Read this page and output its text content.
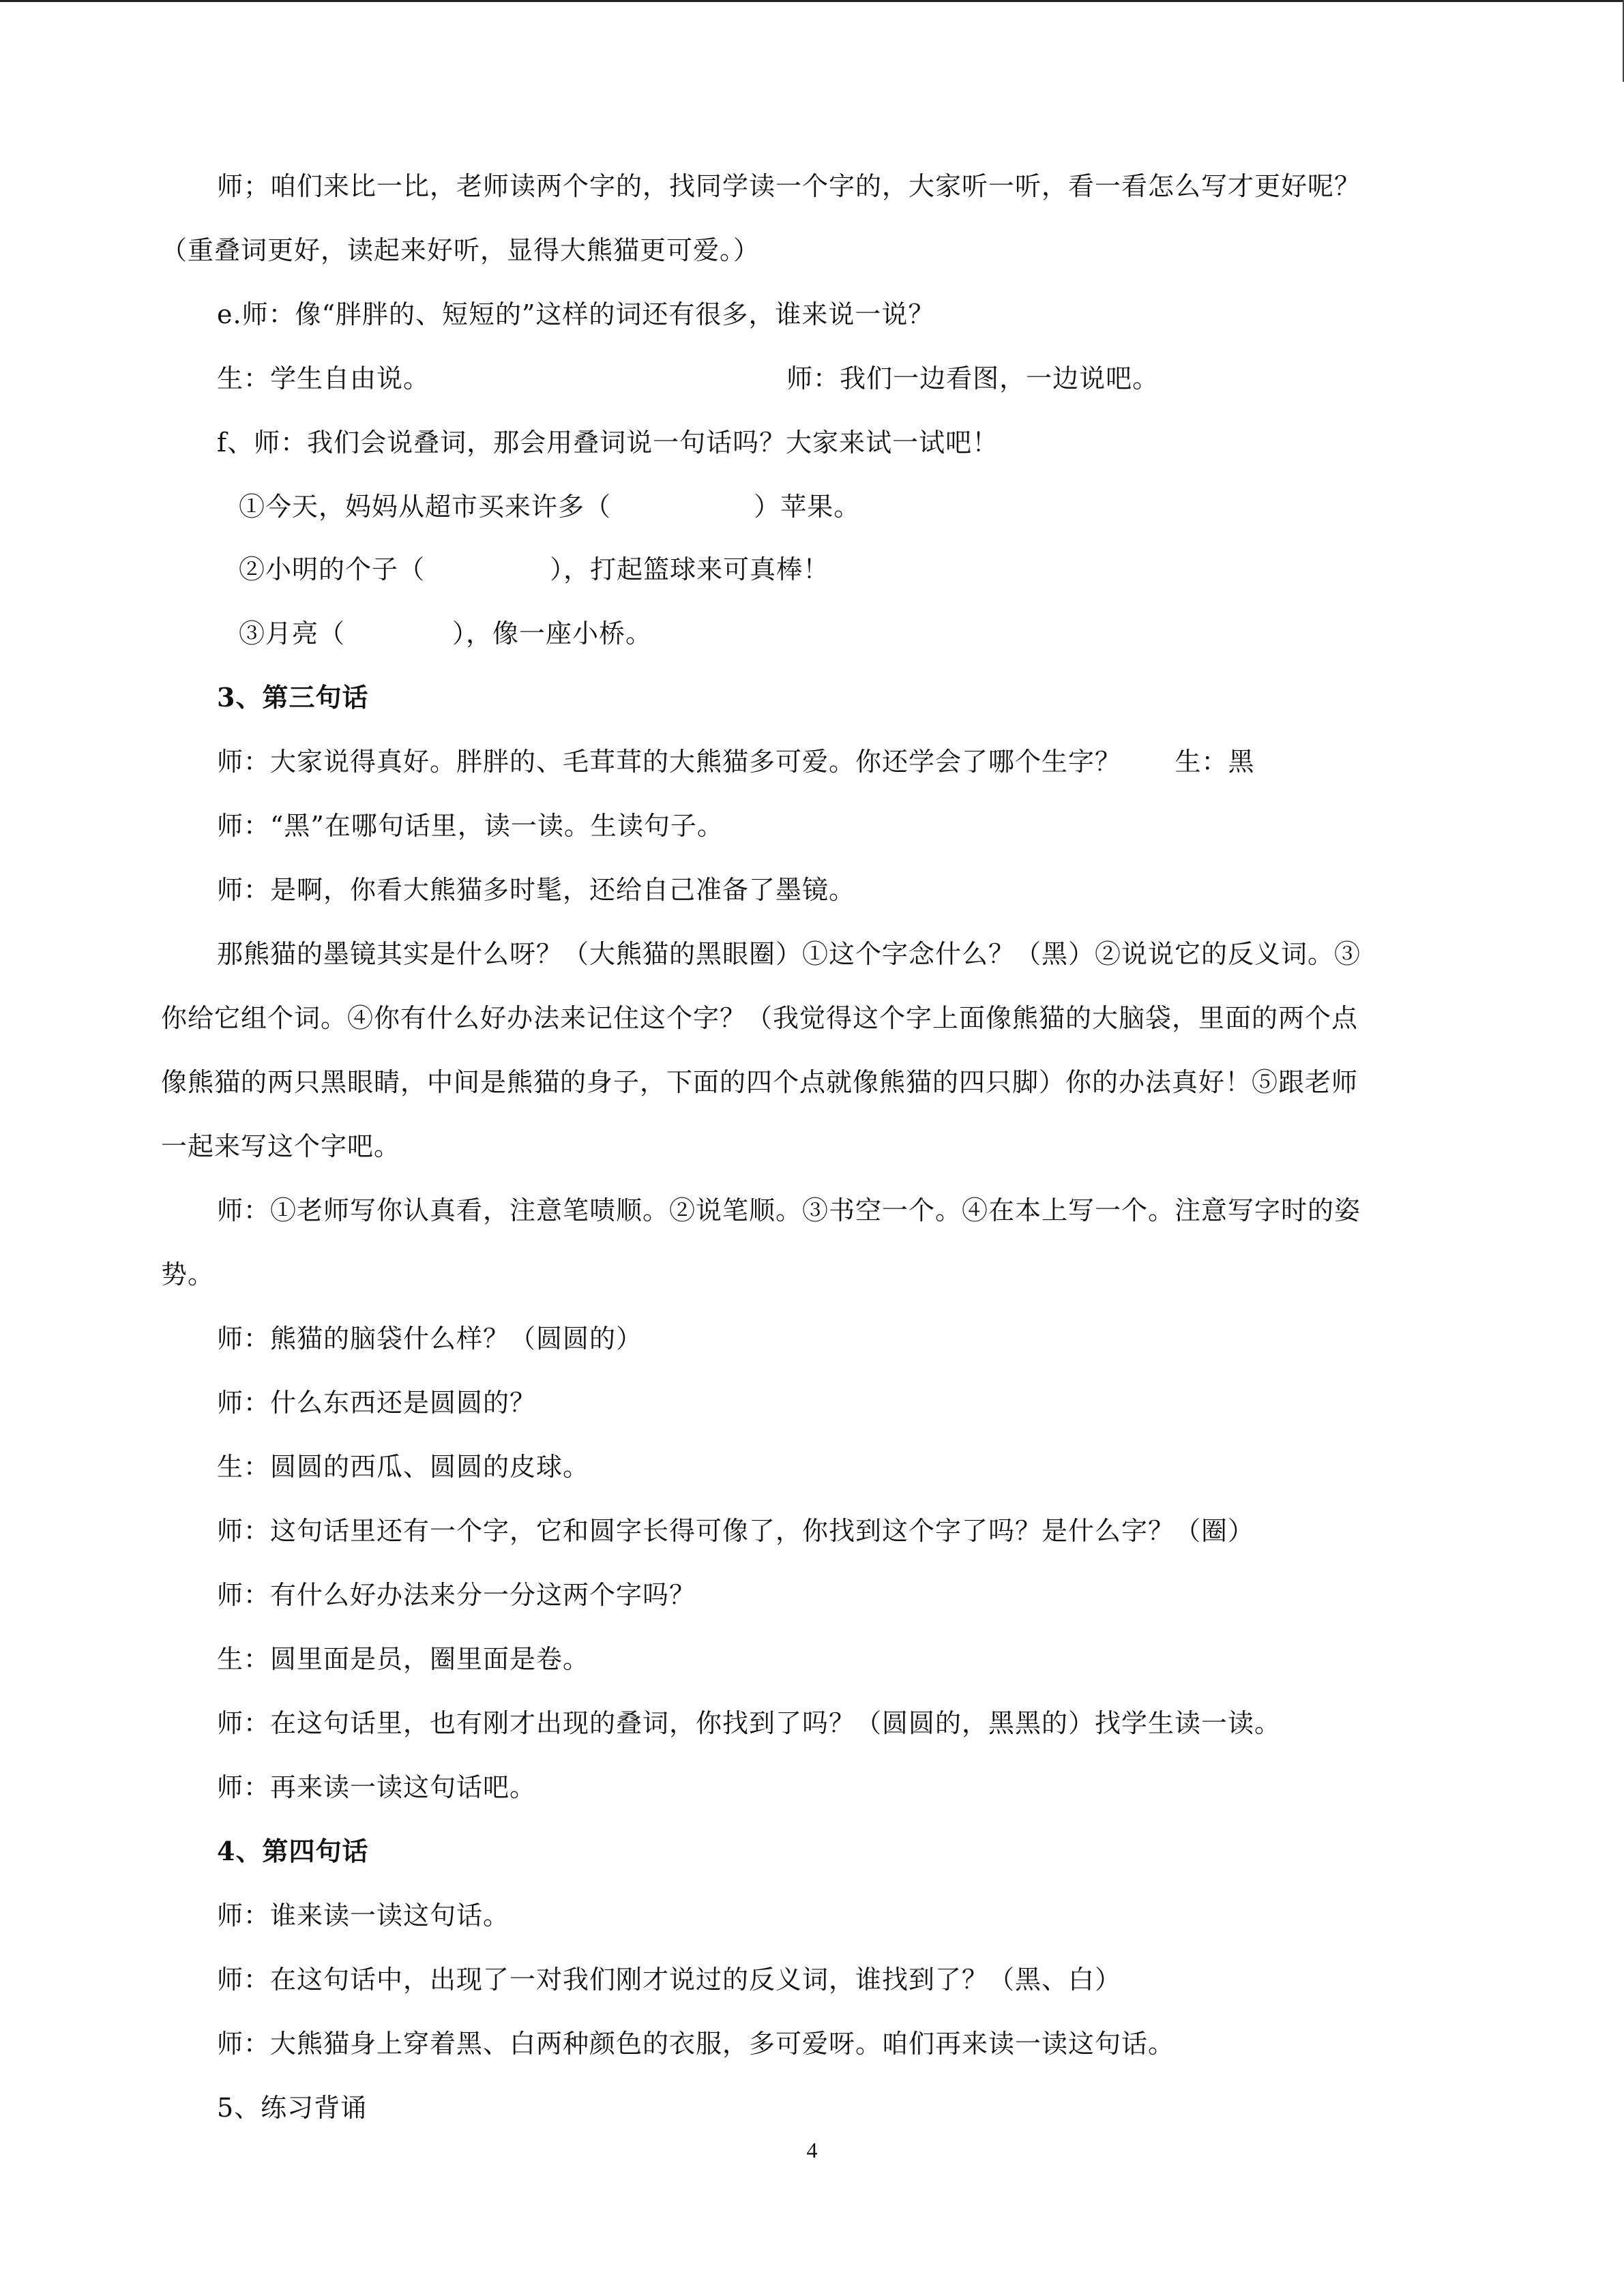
师；咱们来比一比，老师读两个字的，找同学读一个字的，大家听一听，看一看怎么写才更好呢？
（重叠词更好，读起来好听，显得大熊猫更可爱。）
e.师：像“胖胖的、短短的”这样的词还有很多，谁来说一说？
生：学生自由说。                                        师：我们一边看图，一边说吧。
f、师：我们会说叠词，那会用叠词说一句话吗？大家来试一试吧！
①今天，妈妈从超市买来许多（                ）苹果。
②小明的个子（              ），打起篮球来可真棒！
③月亮（            ），像一座小桥。
3、第三句话
师：大家说得真好。胖胖的、毛茸茸的大熊猫多可爱。你还学会了哪个生字？      生：黑
师：“黑”在哪句话里，读一读。生读句子。
师：是啊，你看大熊猫多时髦，还给自己准备了墨镜。
那熊猫的墨镜其实是什么呀？（大熊猫的黑眼圈）①这个字念什么？（黑）②说说它的反义词。③
你给它组个词。④你有什么好办法来记住这个字？（我觉得这个字上面像熊猫的大脑袋，里面的两个点
像熊猫的两只黑眼睛，中间是熊猫的身子，下面的四个点就像熊猫的四只脚）你的办法真好！⑤跟老师
一起来写这个字吧。
师：①老师写你认真看，注意笔啧顺。②说笔顺。③书空一个。④在本上写一个。注意写字时的姿
势。
师：熊猫的脑袋什么样？（圆圆的）
师：什么东西还是圆圆的？
生：圆圆的西瓜、圆圆的皮球。
师：这句话里还有一个字，它和圆字长得可像了，你找到这个字了吗？是什么字？（圈）
师：有什么好办法来分一分这两个字吗？
生：圆里面是员，圈里面是卷。
师：在这句话里，也有刚才出现的叠词，你找到了吗？（圆圆的，黑黑的）找学生读一读。
师：再来读一读这句话吧。
4、第四句话
师：谁来读一读这句话。
师：在这句话中，出现了一对我们刚才说过的反义词，谁找到了？（黑、白）
师：大熊猫身上穿着黑、白两种颜色的衣服，多可爱呀。咱们再来读一读这句话。
5、练习背诵
4
